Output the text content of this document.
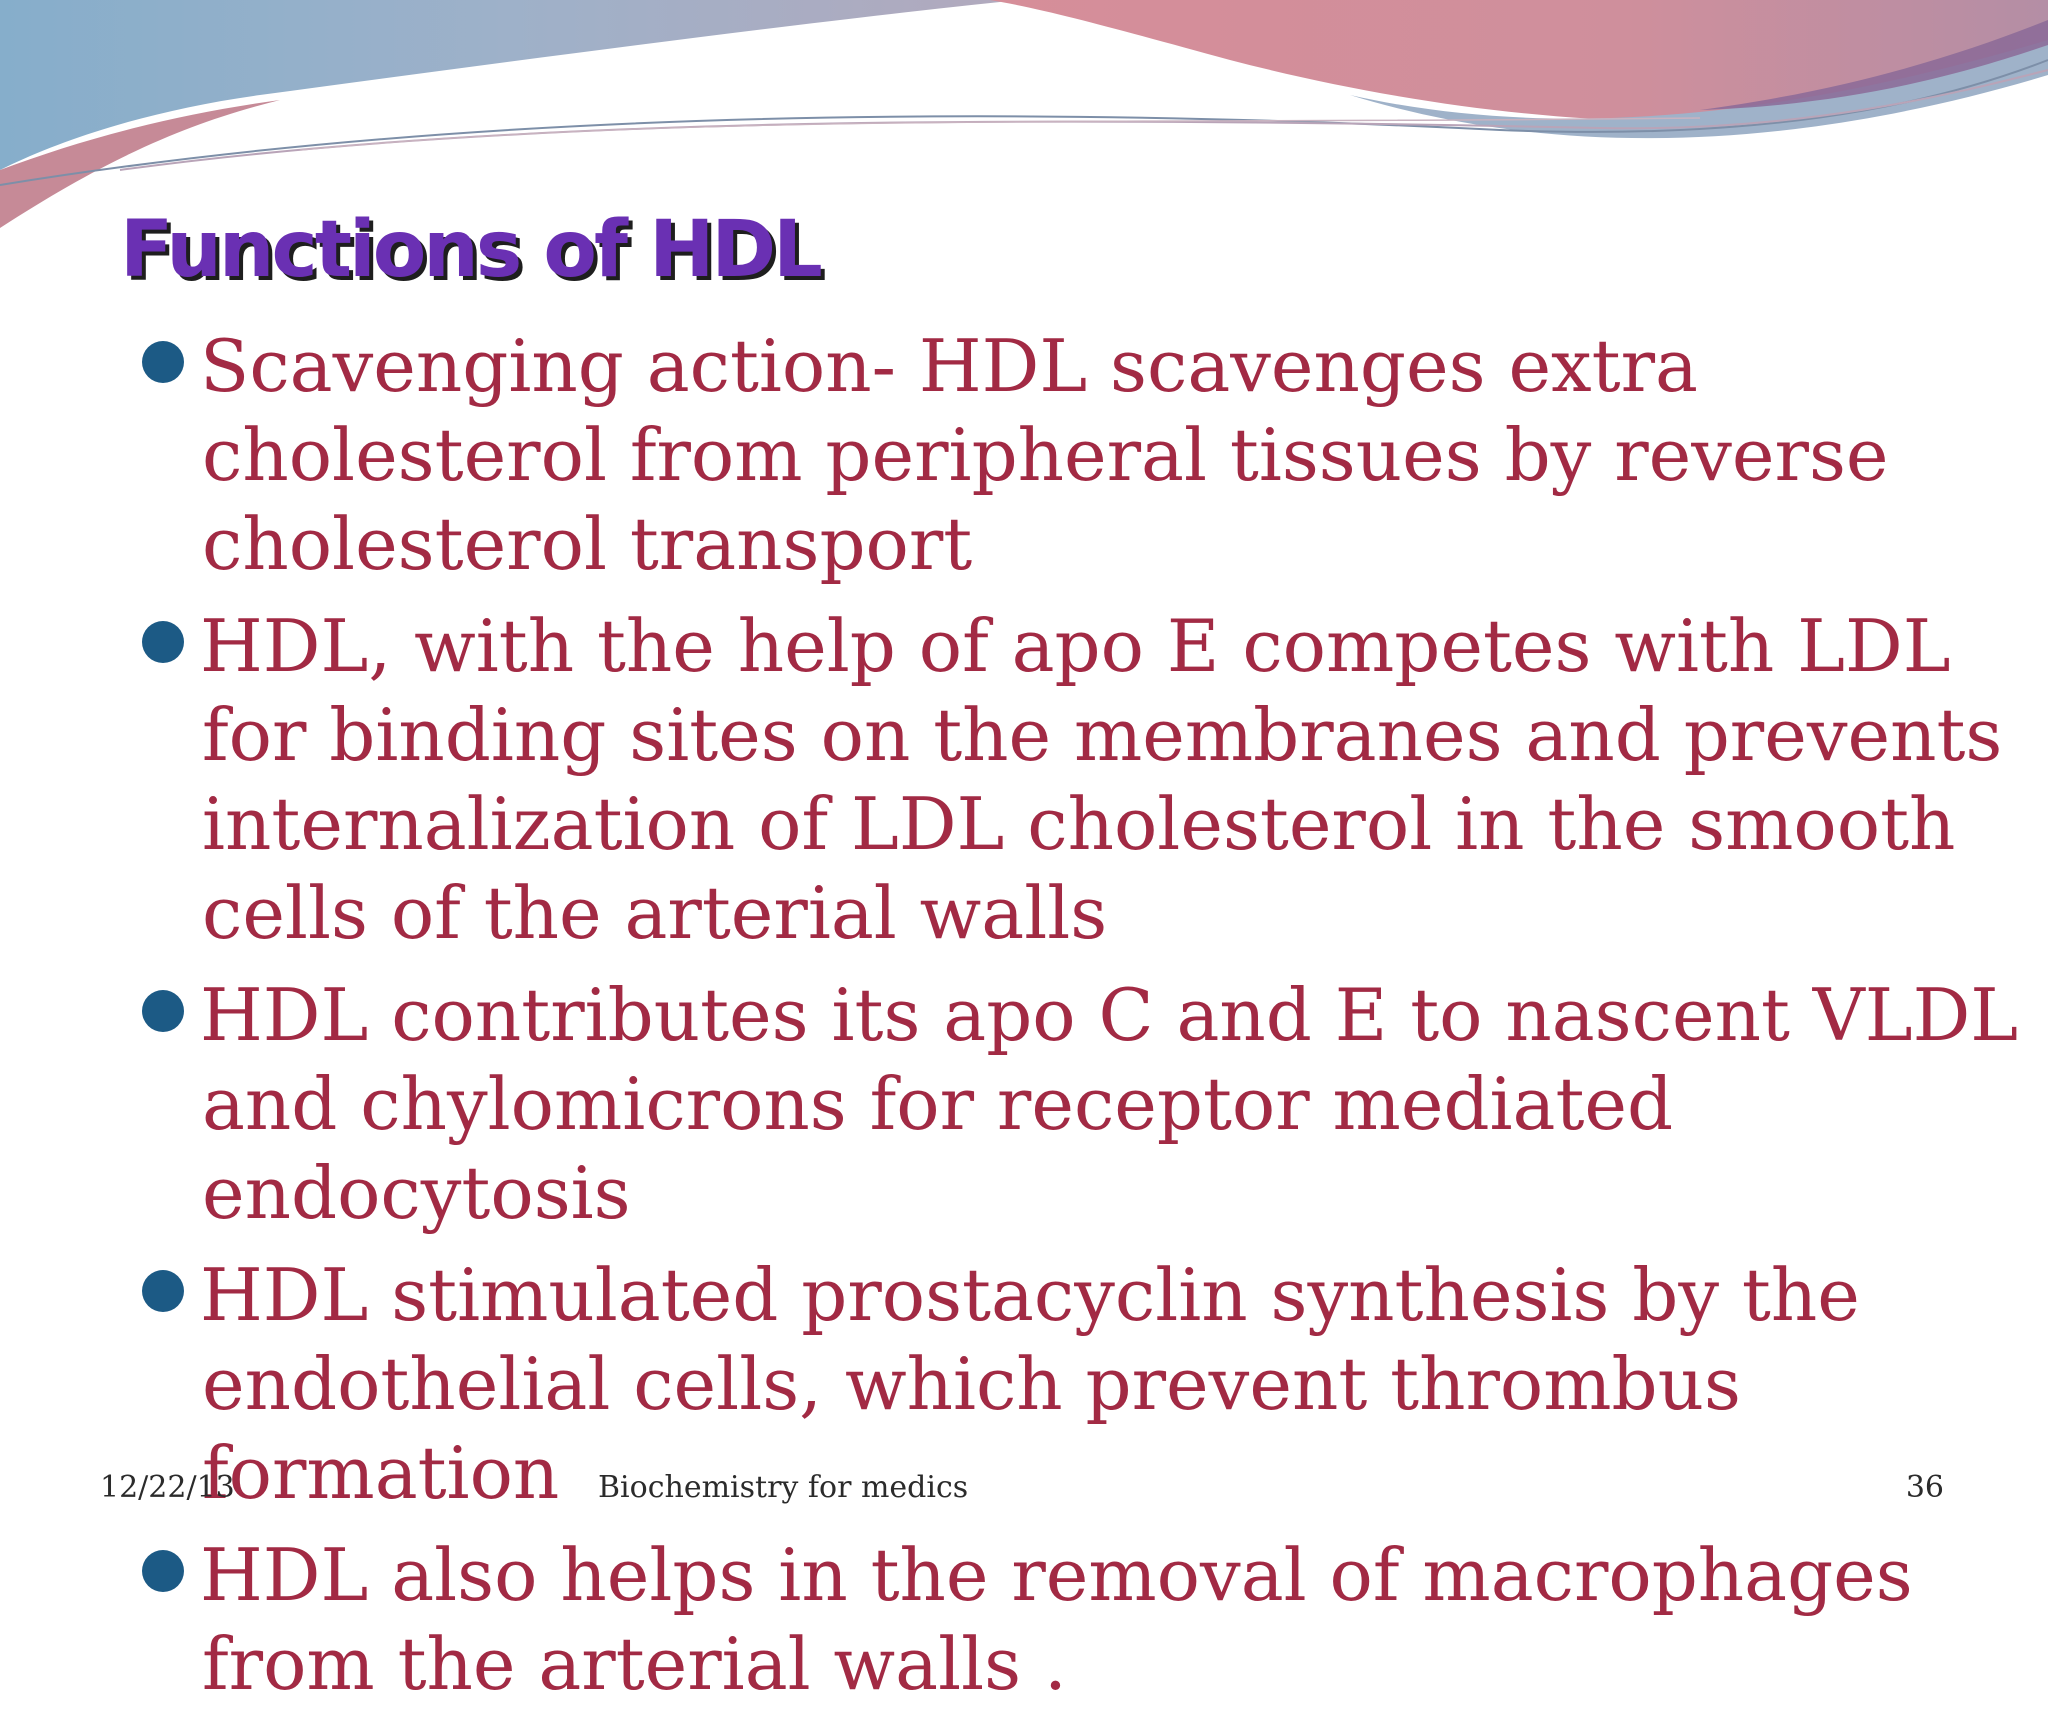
Functions of HDL
Scavenging action- HDL scavenges extra cholesterol from peripheral tissues by reverse cholesterol transport
HDL, with the help of apo E competes with LDL for binding sites on the membranes and prevents internalization of LDL cholesterol in the smooth cells of the arterial walls
HDL contributes its apo C and E to nascent VLDL and chylomicrons for receptor mediated endocytosis
HDL stimulated prostacyclin synthesis by the endothelial cells, which prevent thrombus formation
HDL also helps in the removal of macrophages from the arterial walls .
12/22/13	Biochemistry for medics	36
